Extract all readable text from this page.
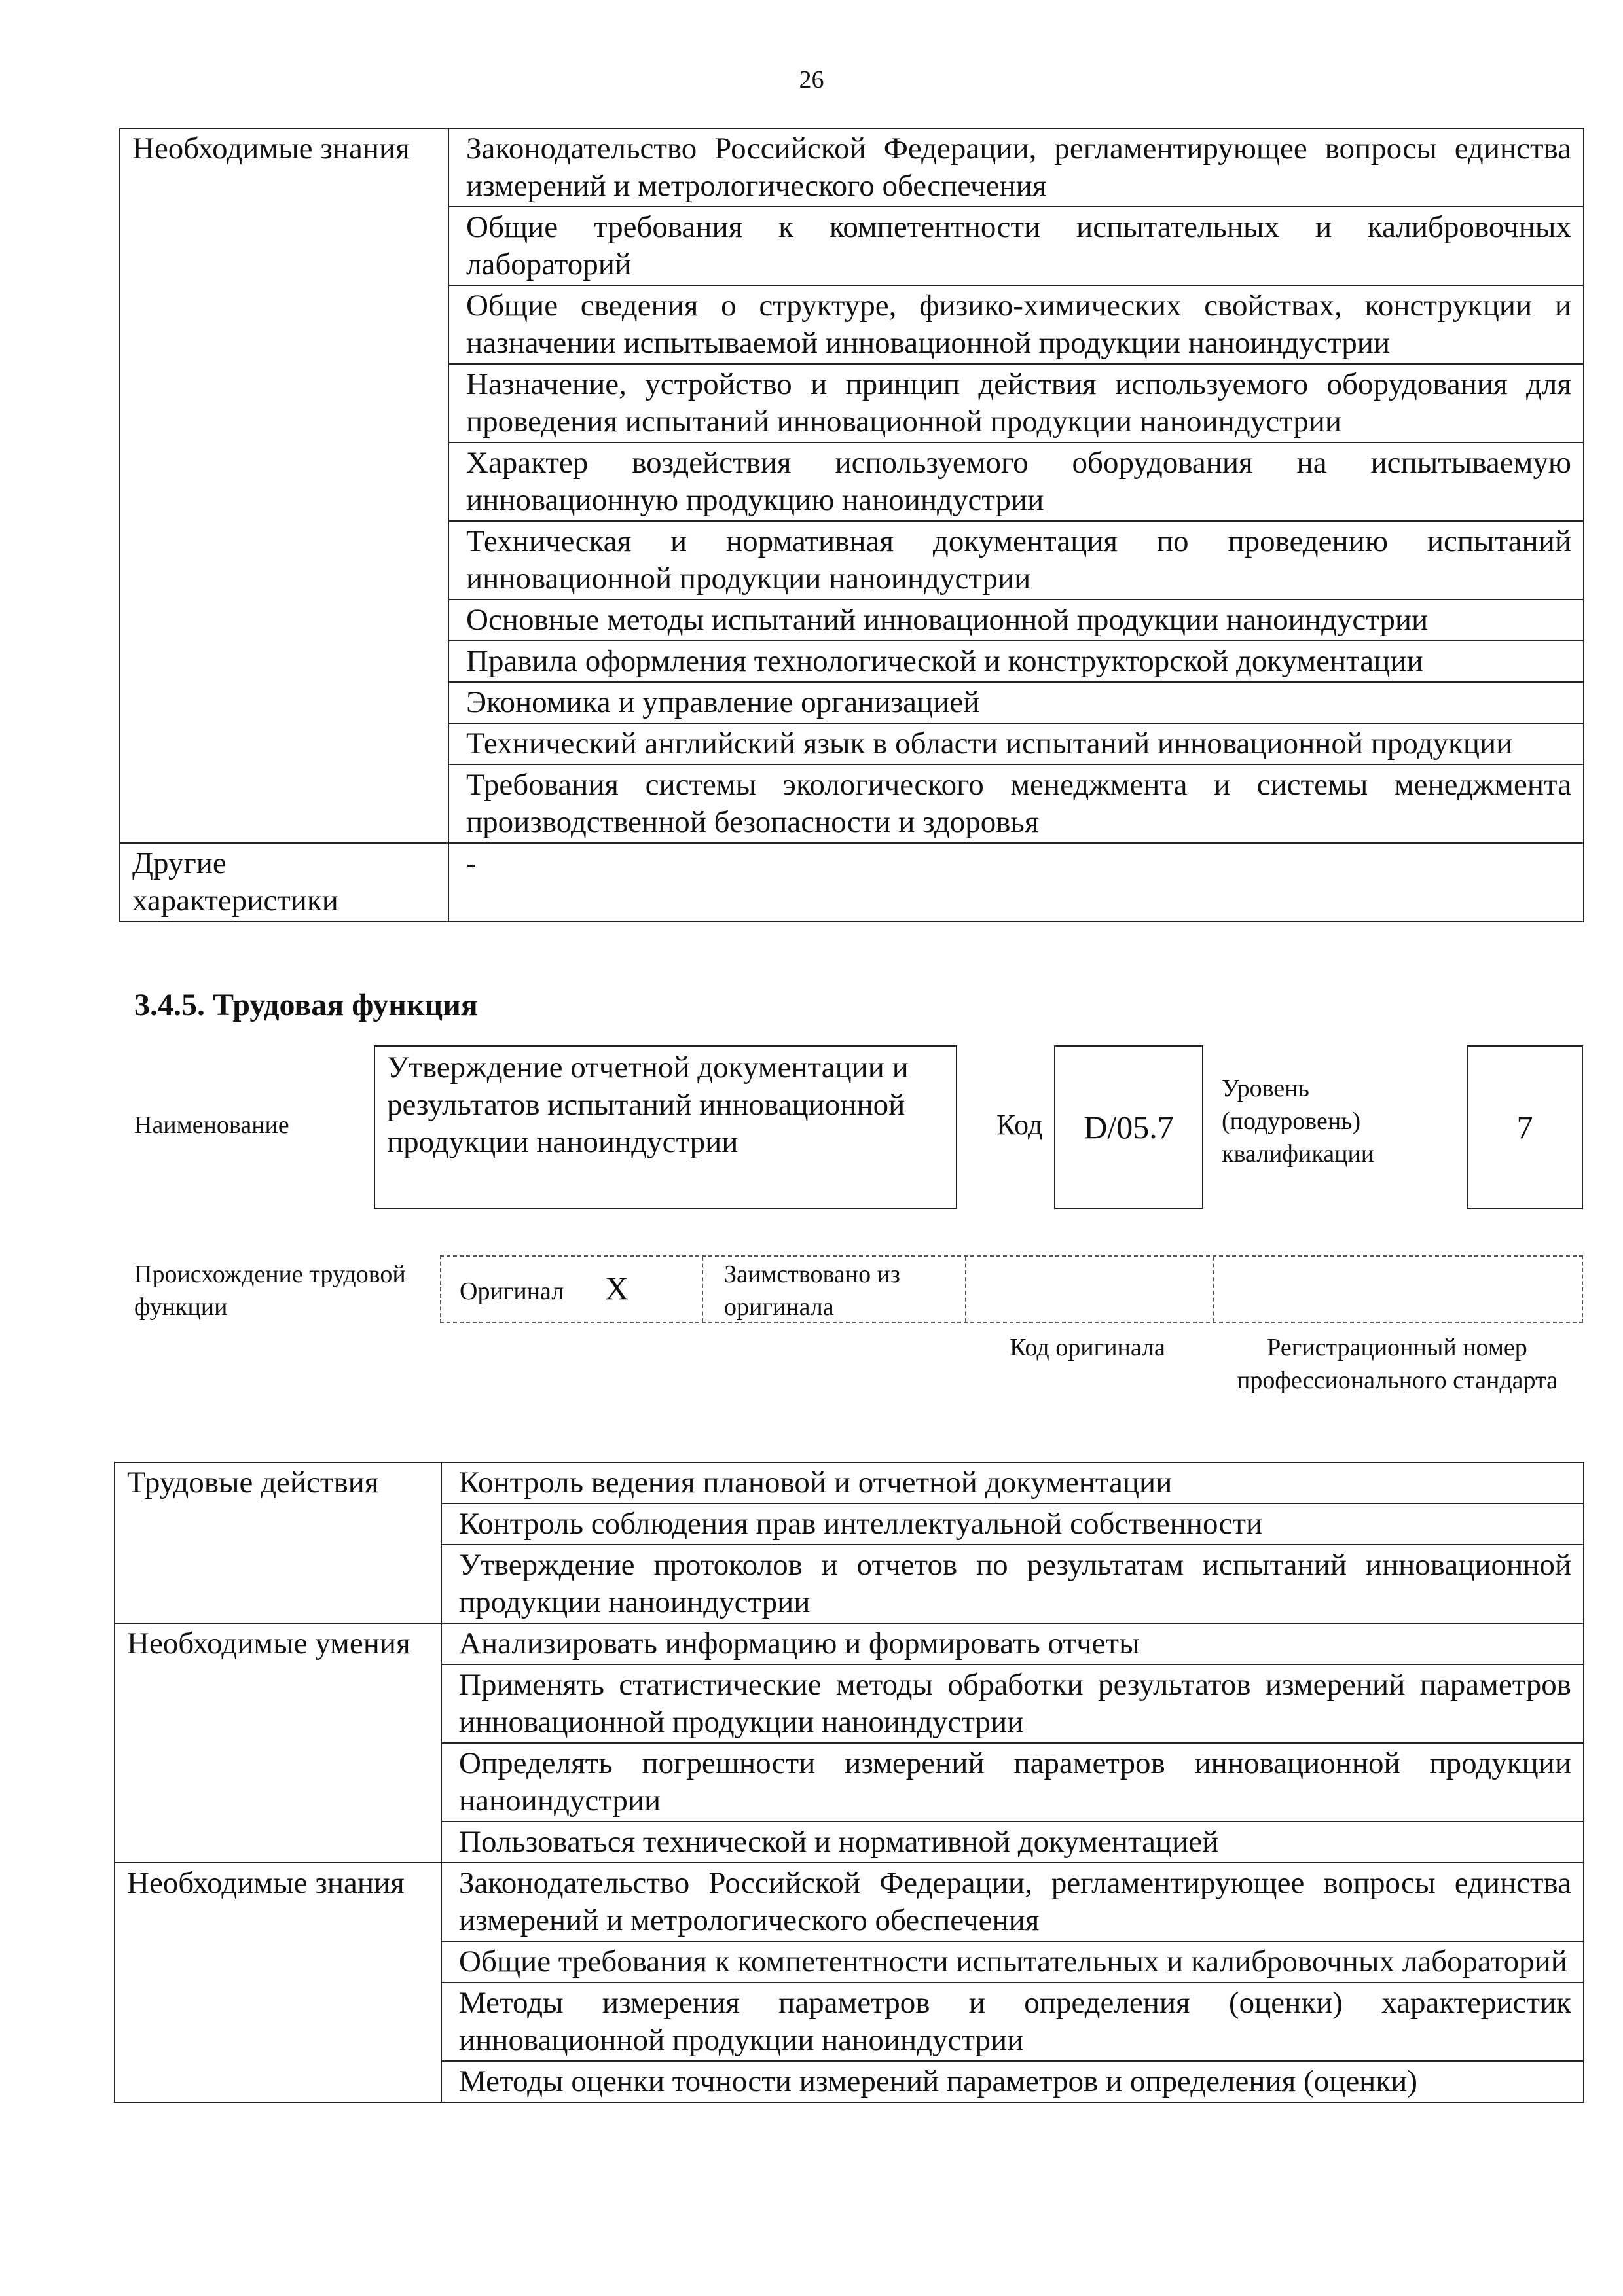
26
Необходимые знания	Законодательство Российской Федерации, регламентирующее вопросы единства измерений и метрологического обеспечения
	Общие требования к компетентности испытательных и калибровочных лабораторий
	Общие сведения о структуре, физико-химических свойствах, конструкции и назначении испытываемой инновационной продукции наноиндустрии
	Назначение, устройство и принцип действия используемого оборудования для проведения испытаний инновационной продукции наноиндустрии
	Характер воздействия используемого оборудования на испытываемую инновационную продукцию наноиндустрии
	Техническая и нормативная документация по проведению испытаний инновационной продукции наноиндустрии
	Основные методы испытаний инновационной продукции наноиндустрии
	Правила оформления технологической и конструкторской документации
	Экономика и управление организацией
	Технический английский язык в области испытаний инновационной продукции
	Требования системы экологического менеджмента и системы менеджмента производственной безопасности и здоровья
Другие характеристики	-
3.4.5. Трудовая функция
Наименование
Утверждение отчетной документации и результатов испытаний инновационной продукции наноиндустрии
Код	D/05.7
Уровень (подуровень) квалификации
7
Происхождение трудовой функции
Оригинал X	Заимствовано из оригинала
Код оригинала	Регистрационный номер профессионального стандарта
Трудовые действия	Контроль ведения плановой и отчетной документации
	Контроль соблюдения прав интеллектуальной собственности
	Утверждение протоколов и отчетов по результатам испытаний инновационной продукции наноиндустрии
Необходимые умения	Анализировать информацию и формировать отчеты
	Применять статистические методы обработки результатов измерений параметров инновационной продукции наноиндустрии
	Определять погрешности измерений параметров инновационной продукции наноиндустрии
	Пользоваться технической и нормативной документацией
Необходимые знания	Законодательство Российской Федерации, регламентирующее вопросы единства измерений и метрологического обеспечения
	Общие требования к компетентности испытательных и калибровочных лабораторий
	Методы измерения параметров и определения (оценки) характеристик инновационной продукции наноиндустрии
	Методы оценки точности измерений параметров и определения (оценки)
